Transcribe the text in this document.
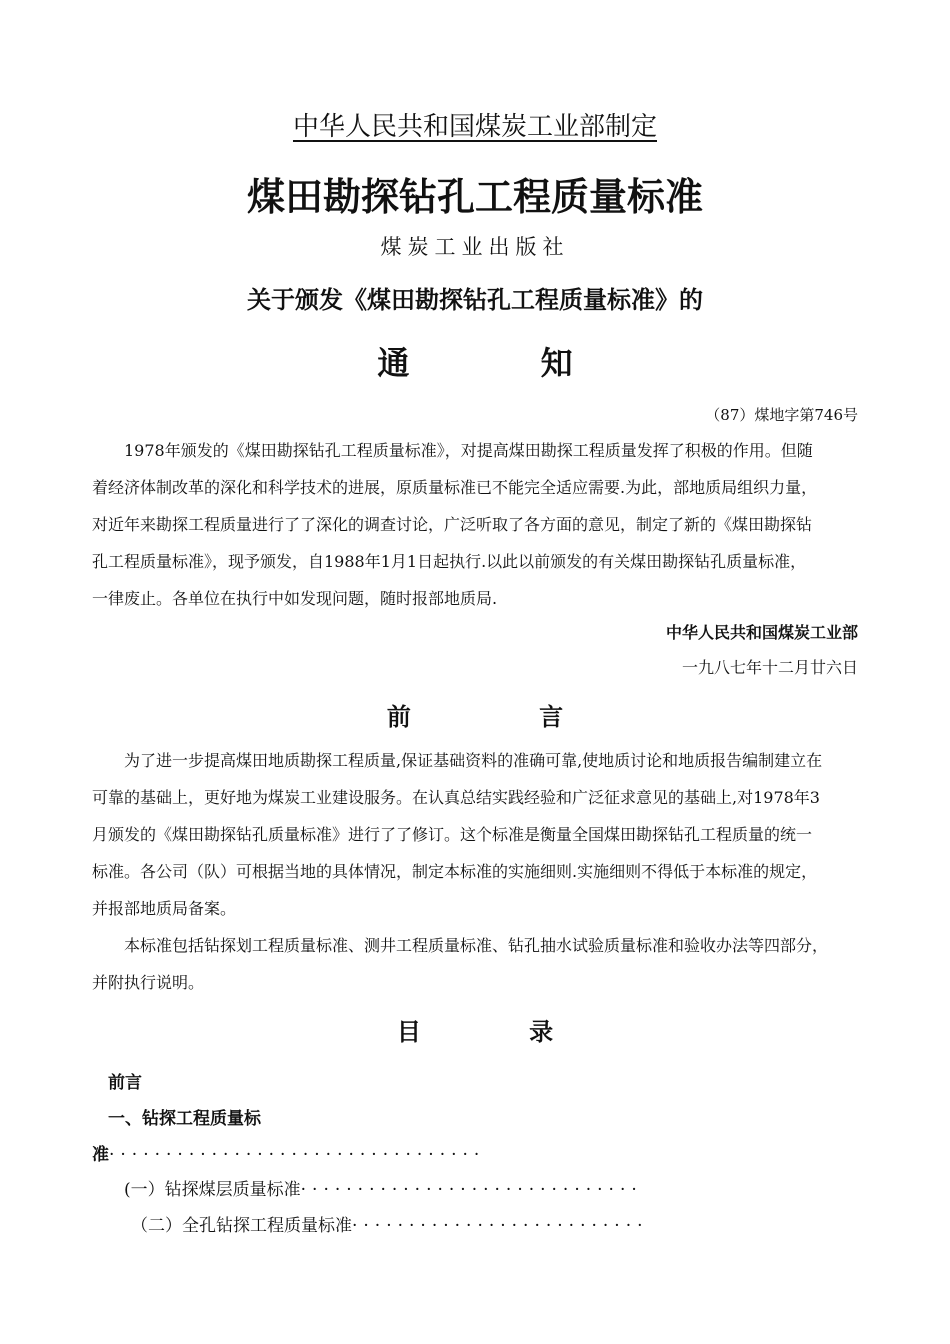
中华人民共和国煤炭工业部制定
煤田勘探钻孔工程质量标准
煤炭工业出版社
关于颁发《煤田勘探钻孔工程质量标准》的
通 知
（87）煤地字第746号
1978年颁发的《煤田勘探钻孔工程质量标准》，对提高煤田勘探工程质量发挥了积极的作用。但随
着经济体制改革的深化和科学技术的进展，原质量标准已不能完全适应需要.为此，部地质局组织力量，
对近年来勘探工程质量进行了了深化的调查讨论，广泛听取了各方面的意见，制定了新的《煤田勘探钻
孔工程质量标准》，现予颁发，自1988年1月1日起执行.以此以前颁发的有关煤田勘探钻孔质量标准，
一律废止。各单位在执行中如发现问题，随时报部地质局.
中华人民共和国煤炭工业部
一九八七年十二月廿六日
前 言
为了进一步提高煤田地质勘探工程质量,保证基础资料的准确可靠,使地质讨论和地质报告编制建立在
可靠的基础上，更好地为煤炭工业建设服务。在认真总结实践经验和广泛征求意见的基础上,对1978年3
月颁发的《煤田勘探钻孔质量标准》进行了了修订。这个标准是衡量全国煤田勘探钻孔工程质量的统一
标准。各公司（队）可根据当地的具体情况，制定本标准的实施细则.实施细则不得低于本标准的规定，
并报部地质局备案。
本标准包括钻探划工程质量标准、测井工程质量标准、钻孔抽水试验质量标准和验收办法等四部分，
并附执行说明。
目 录
前言
一、钻探工程质量标
准·································
(一）钻探煤层质量标准······························
（二）全孔钻探工程质量标准··························
